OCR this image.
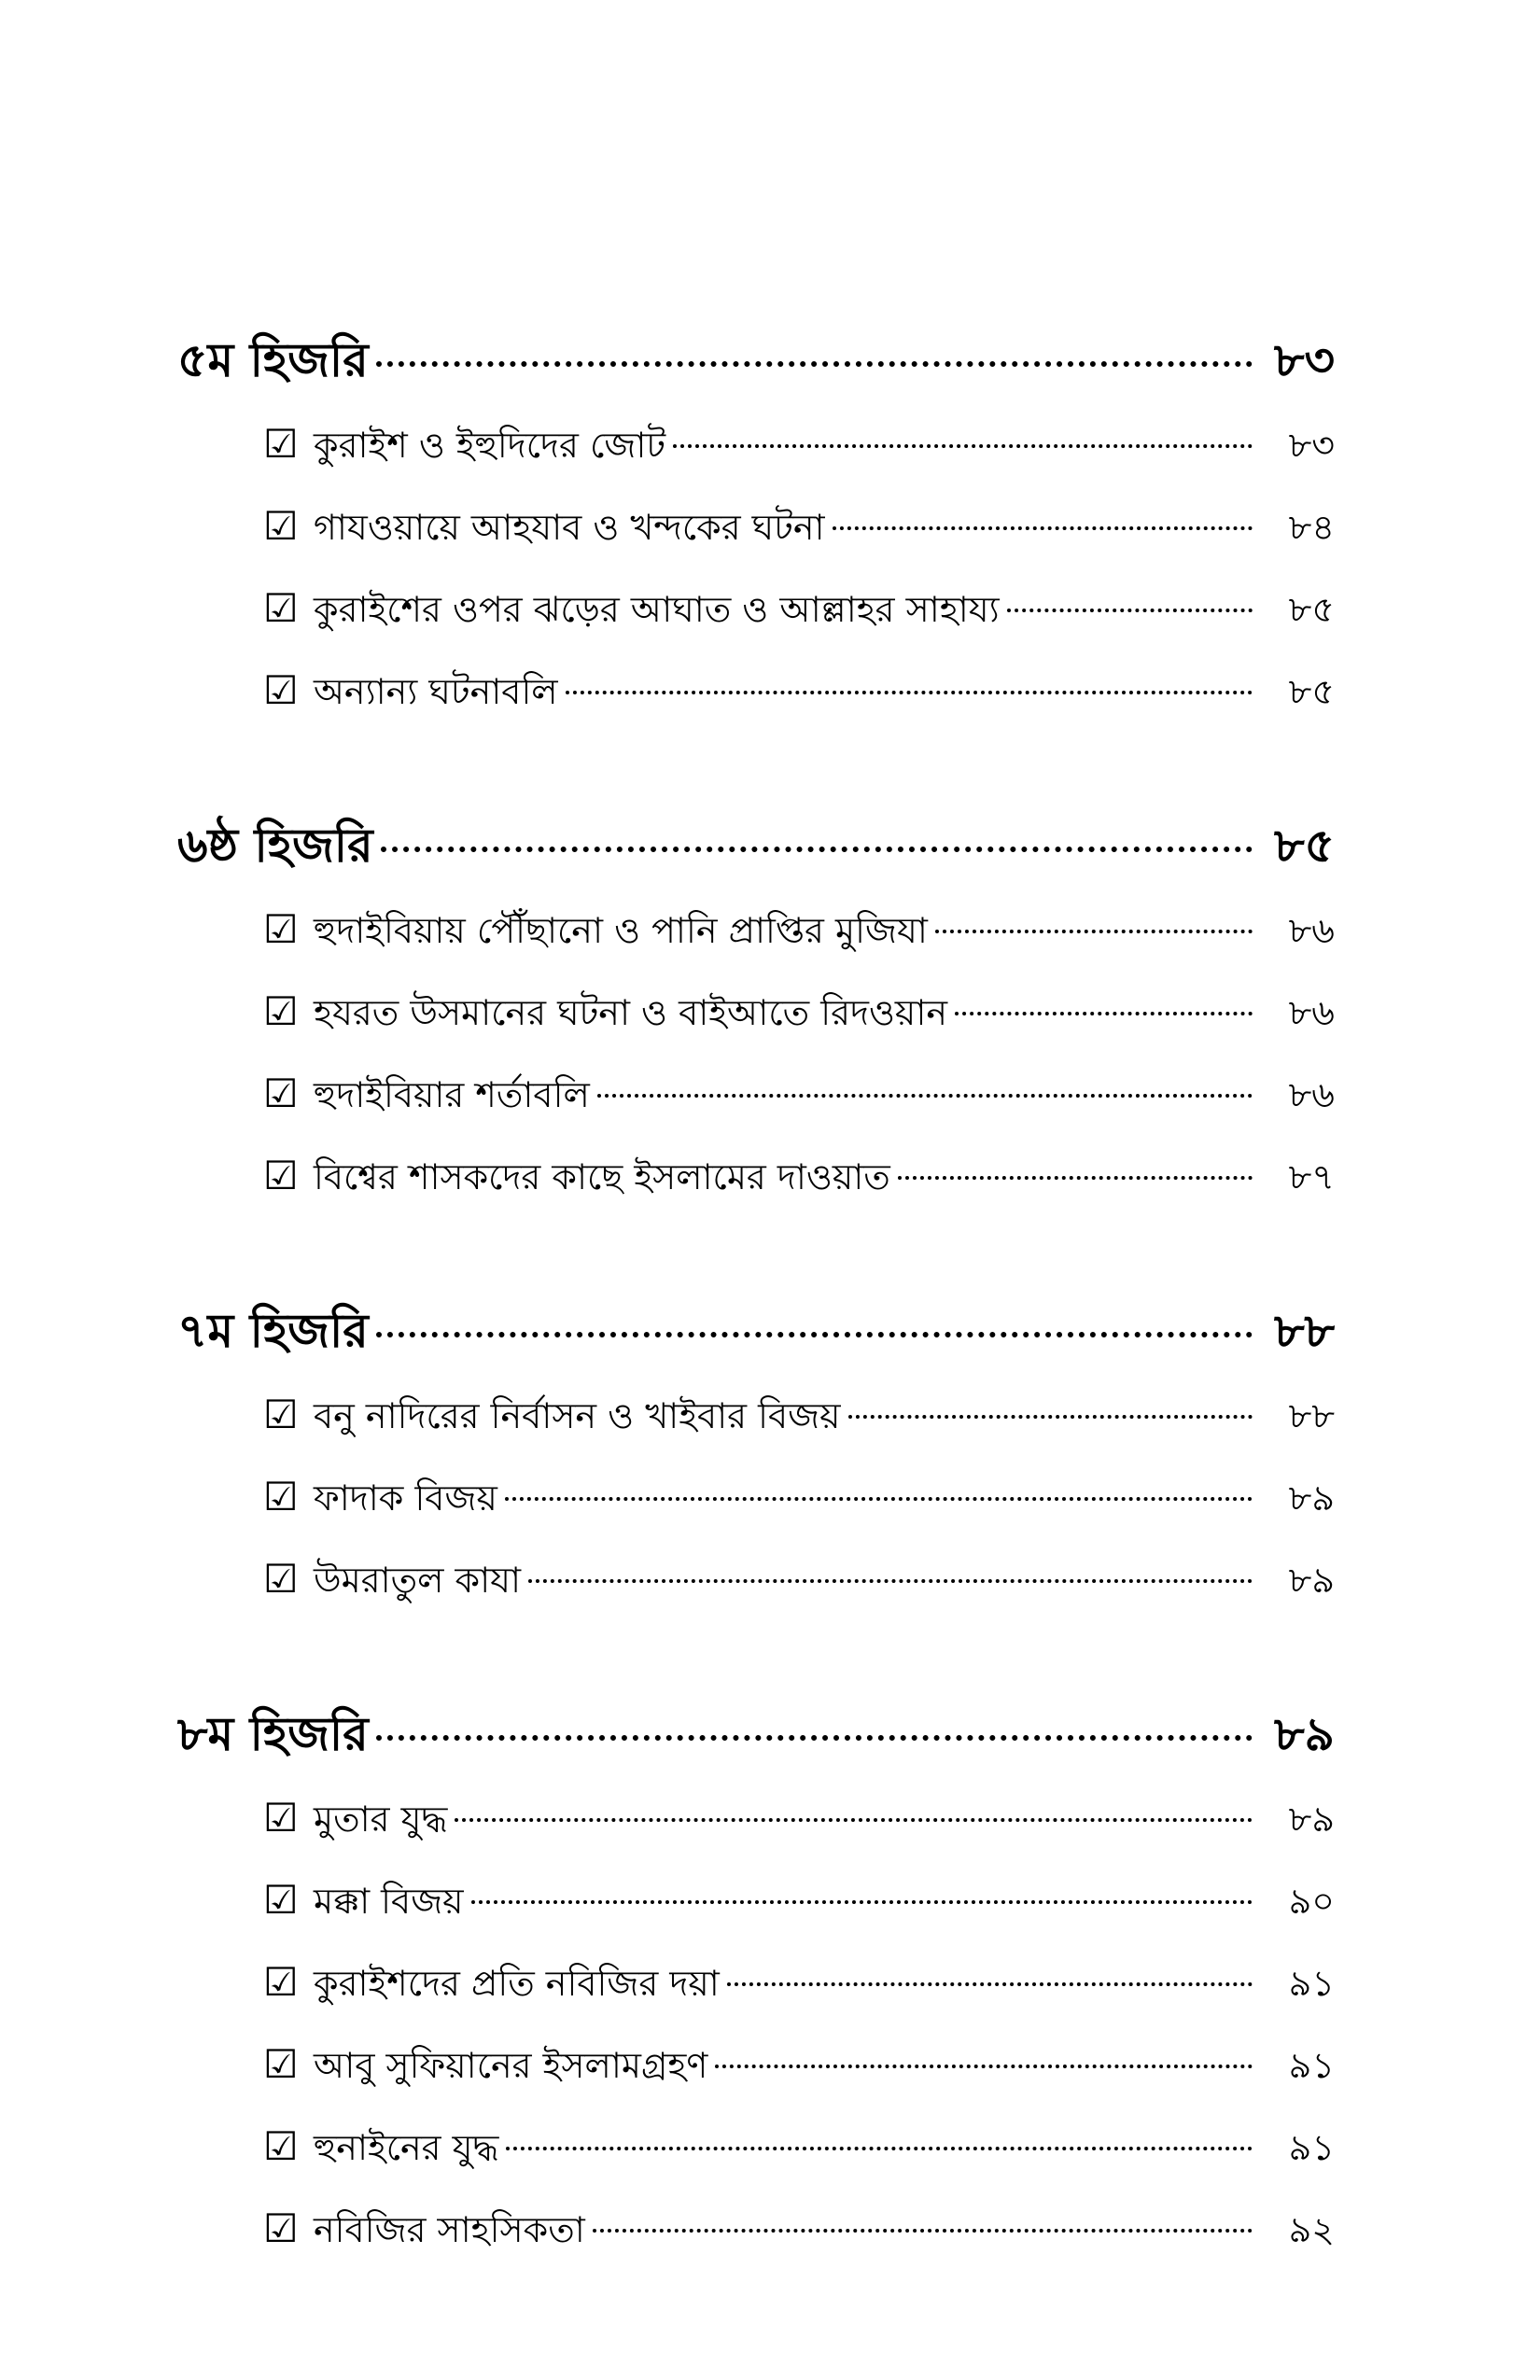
৫ম হিজরি	৮৩
☑ কুরাইশ ও ইহুদিদের জোট	৮৩
☑ গাযওয়ায়ে আহযাব ও খন্দকের ঘটনা	৮৪
☑ কুরাইশের ওপর ঝড়ের আঘাত ও আল্লাহর সাহায্য	৮৫
☑ অন্যান্য ঘটনাবলি	৮৫
৬ষ্ঠ হিজরি	৮৫
☑ হুদাইবিয়ায় পৌঁছানো ও পানি প্রাপ্তির মুজিযা	৮৬
☑ হযরত উসমানের ঘটনা ও বাইআতে রিদওয়ান	৮৬
☑ হুদাইবিয়ার শর্তাবলি	৮৬
☑ বিশ্বের শাসকদের কাছে ইসলামের দাওয়াত	৮৭
৭ম হিজরি	৮৮
☑ বনু নাদিরের নির্বাসন ও খাইবার বিজয়	৮৮
☑ ফাদাক বিজয়	৮৯
☑ উমরাতুল কাযা	৮৯
৮ম হিজরি	৮৯
☑ মুতার যুদ্ধ	৮৯
☑ মক্কা বিজয়	৯০
☑ কুরাইশদের প্রতি নবিজির দয়া	৯১
☑ আবু সুফিয়ানের ইসলামগ্রহণ	৯১
☑ হুনাইনের যুদ্ধ	৯১
☑ নবিজির সাহসিকতা	৯২
